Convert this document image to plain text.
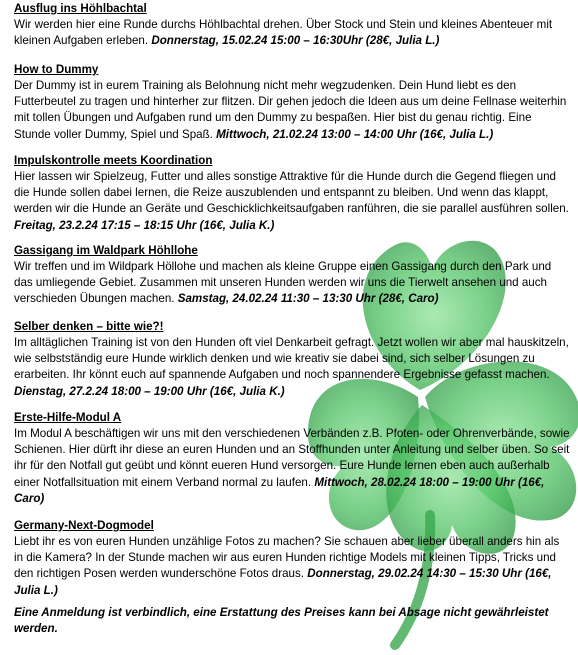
Ausflug ins Höhlbachtal
Wir werden hier eine Runde durchs Höhlbachtal drehen. Über Stock und Stein und kleines Abenteuer mit kleinen Aufgaben erleben. Donnerstag, 15.02.24 15:00 – 16:30Uhr (28€, Julia L.)
How to Dummy
Der Dummy ist in eurem Training als Belohnung nicht mehr wegzudenken. Dein Hund liebt es den Futterbeutel zu tragen und hinterher zur flitzen. Dir gehen jedoch die Ideen aus um deine Fellnase weiterhin mit tollen Übungen und Aufgaben rund um den Dummy zu bespaßen. Hier bist du genau richtig. Eine Stunde voller Dummy, Spiel und Spaß. Mittwoch, 21.02.24 13:00 – 14:00 Uhr (16€, Julia L.)
Impulskontrolle meets Koordination
Hier lassen wir Spielzeug, Futter und alles sonstige Attraktive für die Hunde durch die Gegend fliegen und die Hunde sollen dabei lernen, die Reize auszublenden und entspannt zu bleiben. Und wenn das klappt, werden wir die Hunde an Geräte und Geschicklichkeitsaufgaben ranführen, die sie parallel ausführen sollen. Freitag, 23.2.24 17:15 – 18:15 Uhr (16€, Julia K.)
Gassigang im Waldpark Höhllohe
Wir treffen und im Wildpark Höllohe und machen als kleine Gruppe einen Gassigang durch den Park und das umliegende Gebiet. Zusammen mit unseren Hunden werden wir uns die Tierwelt ansehen und auch verschieden Übungen machen. Samstag, 24.02.24 11:30 – 13:30 Uhr (28€, Caro)
Selber denken – bitte wie?!
Im alltäglichen Training ist von den Hunden oft viel Denkarbeit gefragt. Jetzt wollen wir aber mal hauskitzeln, wie selbstständig eure Hunde wirklich denken und wie kreativ sie dabei sind, sich selber Lösungen zu erarbeiten. Ihr könnt euch auf spannende Aufgaben und noch spannendere Ergebnisse gefasst machen. Dienstag, 27.2.24 18:00 – 19:00 Uhr (16€, Julia K.)
Erste-Hilfe-Modul A
Im Modul A beschäftigen wir uns mit den verschiedenen Verbänden z.B. Pfoten- oder Ohrenverbände, sowie Schienen. Hier dürft ihr diese an euren Hunden und an Stoffhunden unter Anleitung und selber üben. So seit ihr für den Notfall gut geübt und könnt eueren Hund versorgen. Eure Hunde lernen eben auch außerhalb einer Notfallsituation mit einem Verband normal zu laufen. Mittwoch, 28.02.24 18:00 – 19:00 Uhr (16€, Caro)
Germany-Next-Dogmodel
Liebt ihr es von euren Hunden unzählige Fotos zu machen? Sie schauen aber lieber überall anders hin als in die Kamera? In der Stunde machen wir aus euren Hunden richtige Models mit kleinen Tipps, Tricks und den richtigen Posen werden wunderschöne Fotos draus. Donnerstag, 29.02.24 14:30 – 15:30 Uhr (16€, Julia L.)
Eine Anmeldung ist verbindlich, eine Erstattung des Preises kann bei Absage nicht gewährleistet werden.
